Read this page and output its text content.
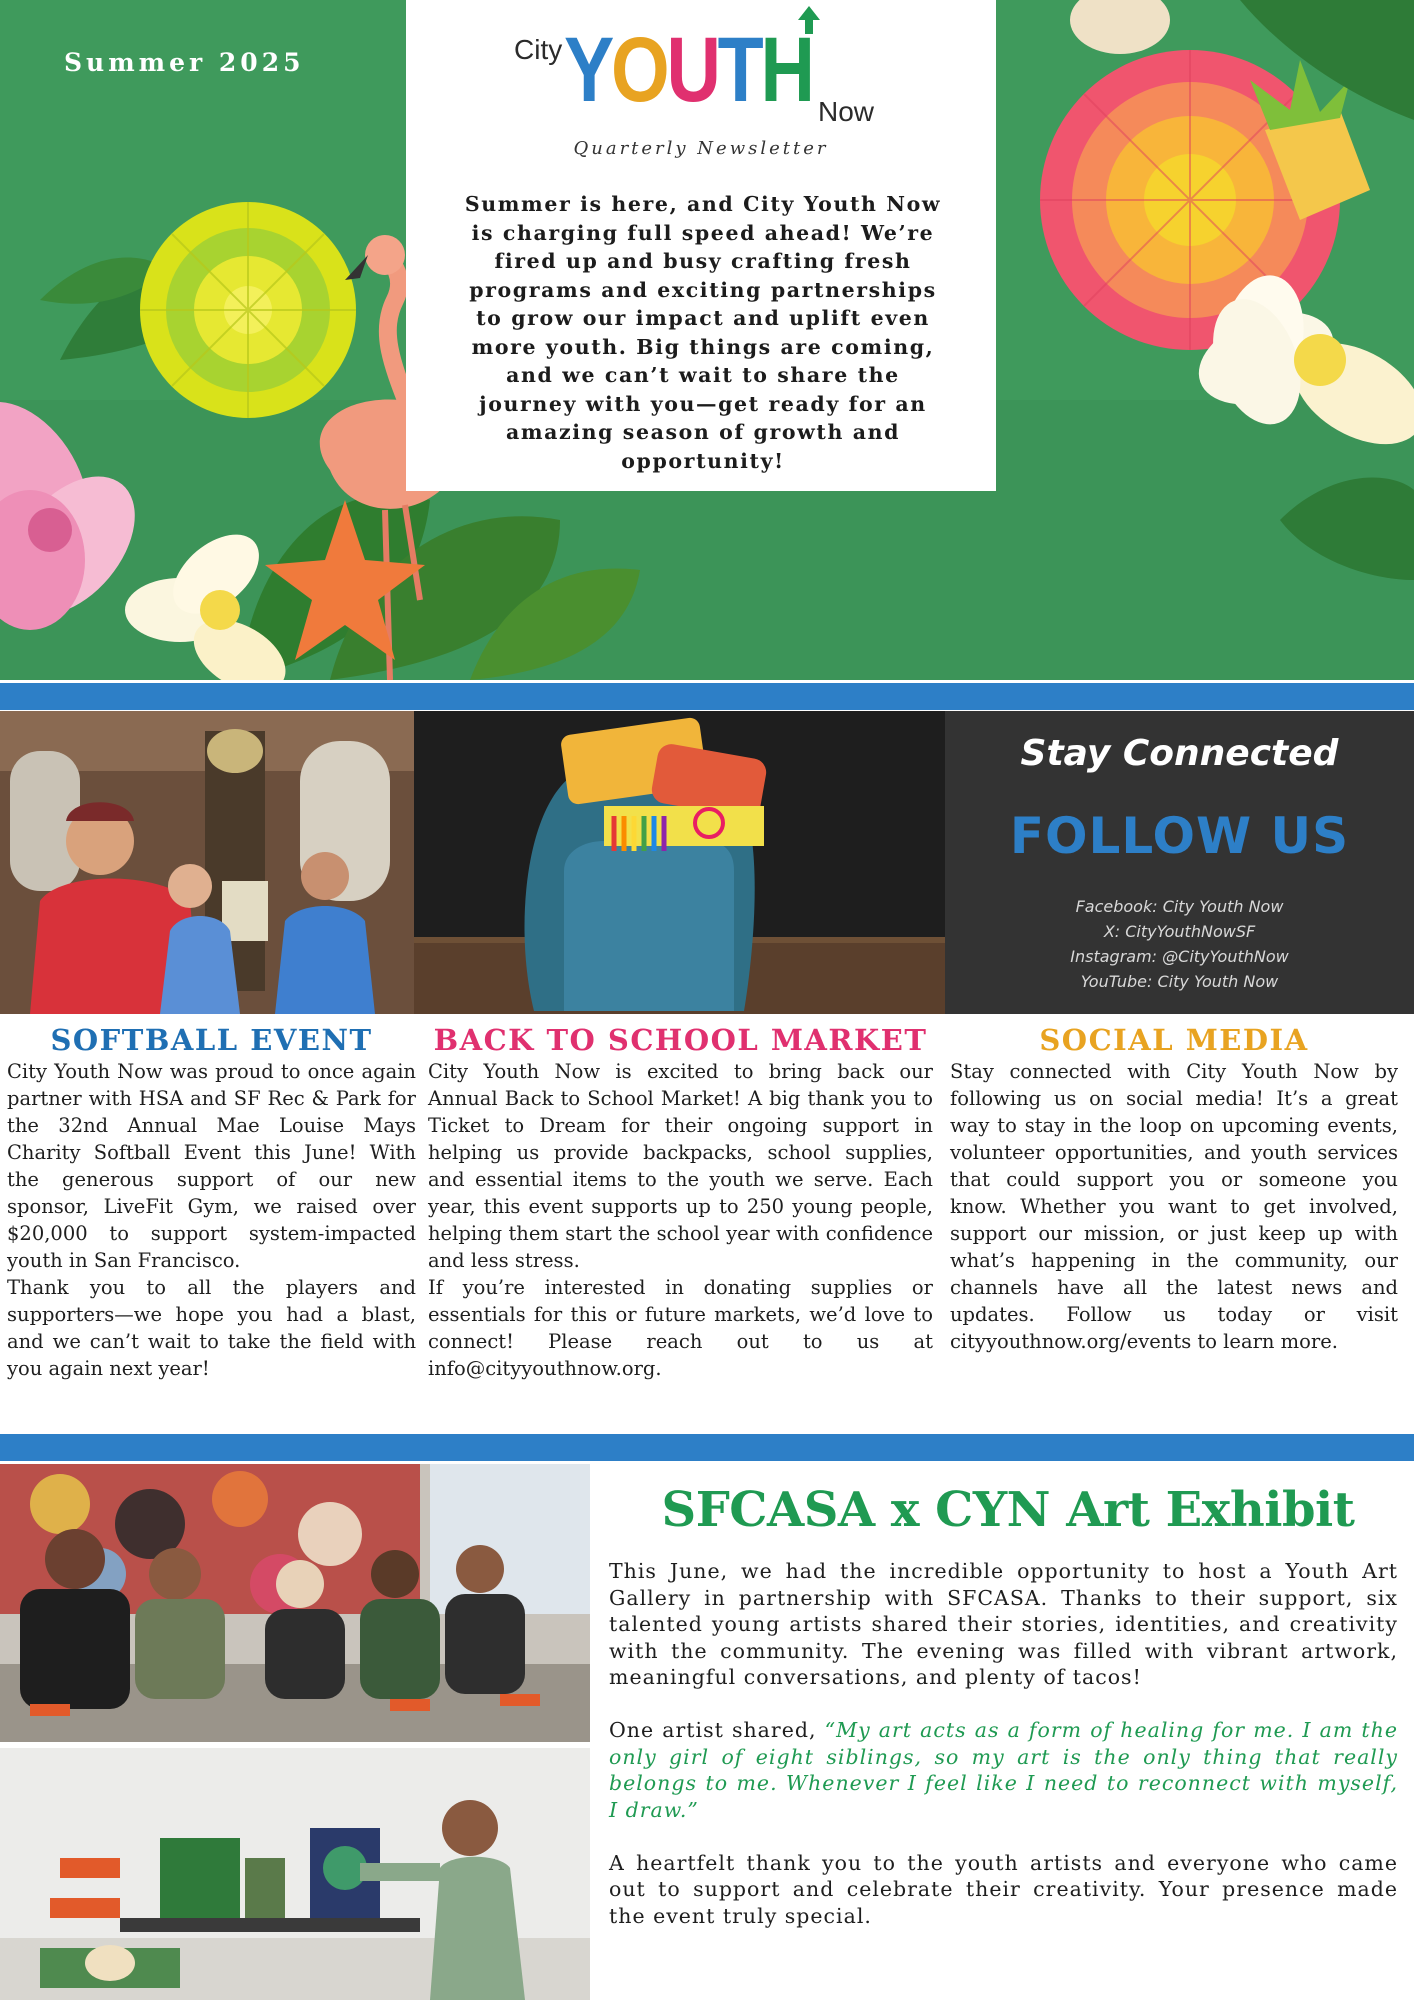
Summer 2025	City YOUTH Now
Quarterly Newsletter
Summer is here, and City Youth Now is charging full speed ahead! We’re fired up and busy crafting fresh programs and exciting partnerships to grow our impact and uplift even more youth. Big things are coming, and we can’t wait to share the journey with you—get ready for an amazing season of growth and opportunity!
Stay Connected
FOLLOW US
Facebook: City Youth Now
X: CityYouthNowSF
Instagram: @CityYouthNow
YouTube: City Youth Now
SOFTBALL EVENT

City Youth Now was proud to once again partner with HSA and SF Rec & Park for the 32nd Annual Mae Louise Mays Charity Softball Event this June! With the generous support of our new sponsor, LiveFit Gym, we raised over $20,000 to support system-impacted youth in San Francisco.

Thank you to all the players and supporters—we hope you had a blast, and we can’t wait to take the field with you again next year!

BACK TO SCHOOL MARKET

City Youth Now is excited to bring back our Annual Back to School Market! A big thank you to Ticket to Dream for their ongoing support in helping us provide backpacks, school supplies, and essential items to the youth we serve. Each year, this event supports up to 250 young people, helping them start the school year with confidence and less stress.

If you’re interested in donating supplies or essentials for this or future markets, we’d love to connect! Please reach out to us at info@cityyouthnow.org.

SOCIAL MEDIA

Stay connected with City Youth Now by following us on social media! It’s a great way to stay in the loop on upcoming events, volunteer opportunities, and youth services that could support you or someone you know. Whether you want to get involved, support our mission, or just keep up with what’s happening in the community, our channels have all the latest news and updates. Follow us today or visit cityyouthnow.org/events to learn more.

SFCASA x CYN Art Exhibit

This June, we had the incredible opportunity to host a Youth Art Gallery in partnership with SFCASA. Thanks to their support, six talented young artists shared their stories, identities, and creativity with the community. The evening was filled with vibrant artwork, meaningful conversations, and plenty of tacos!

One artist shared, “My art acts as a form of healing for me. I am the only girl of eight siblings, so my art is the only thing that really belongs to me. Whenever I feel like I need to reconnect with myself, I draw.”

A heartfelt thank you to the youth artists and everyone who came out to support and celebrate their creativity. Your presence made the event truly special.
